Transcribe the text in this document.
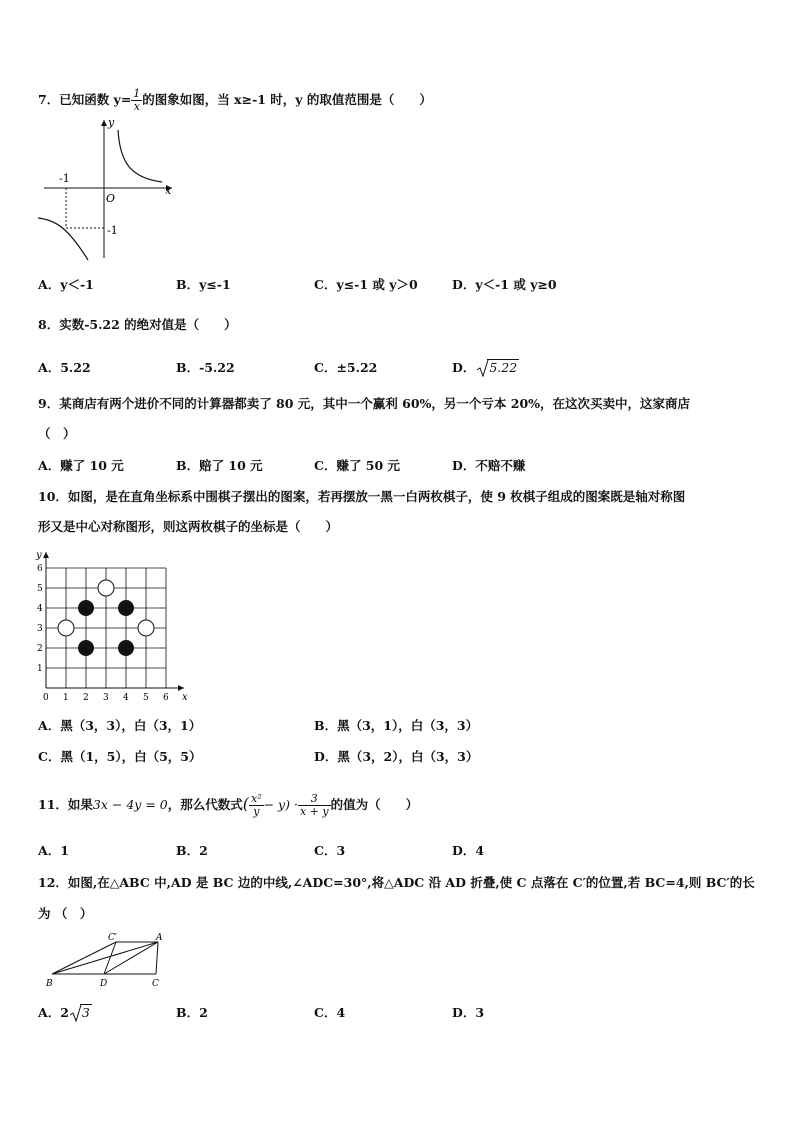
7．已知函数 $y= \frac{1}{x}$ 的图象如图，当 x≥-1 时，y 的取值范围是（　　）
x
y
O
-1
-1
A．y＜-1	B．y≤-1	C．y≤-1 或 y＞0	D．y＜-1 或 y≥0
8．实数-5.22 的绝对值是（　　）
A．5.22	B．-5.22	C．±5.22	D． 5.22
9．某商店有两个进价不同的计算器都卖了 80 元，其中一个赢利 60%，另一个亏本 20%，在这次买卖中，这家商店
（　）
A．赚了 10 元	B．赔了 10 元	C．赚了 50 元	D．不赔不赚
10．如图，是在直角坐标系中围棋子摆出的图案，若再摆放一黑一白两枚棋子，使 9 枚棋子组成的图案既是轴对称图
形又是中心对称图形，则这两枚棋子的坐标是（　　）
x
y
0 1 2 3 4 5 6
1
2
3
4
5
6
A．黑（3，3），白（3，1）	B．黑（3，1），白（3，3）
C．黑（1，5），白（5，5）	D．黑（3，2），白（3，3）
11．如果3x − 4y = 0，那么代数式( $\frac{\text{x²}}{y} - y) \cdot \frac{3}{x + y}$ 的值为（　　）
A．1	B．2	C．3	D．4
12．如图,在△ABC 中,AD 是 BC 边的中线,∠ADC=30°,将△ADC 沿 AD 折叠,使 C 点落在 C′的位置,若 BC=4,则 BC′的长
为 （　）
C′	A
B	D	C
A．2 3	B．2	C．4	D．3
